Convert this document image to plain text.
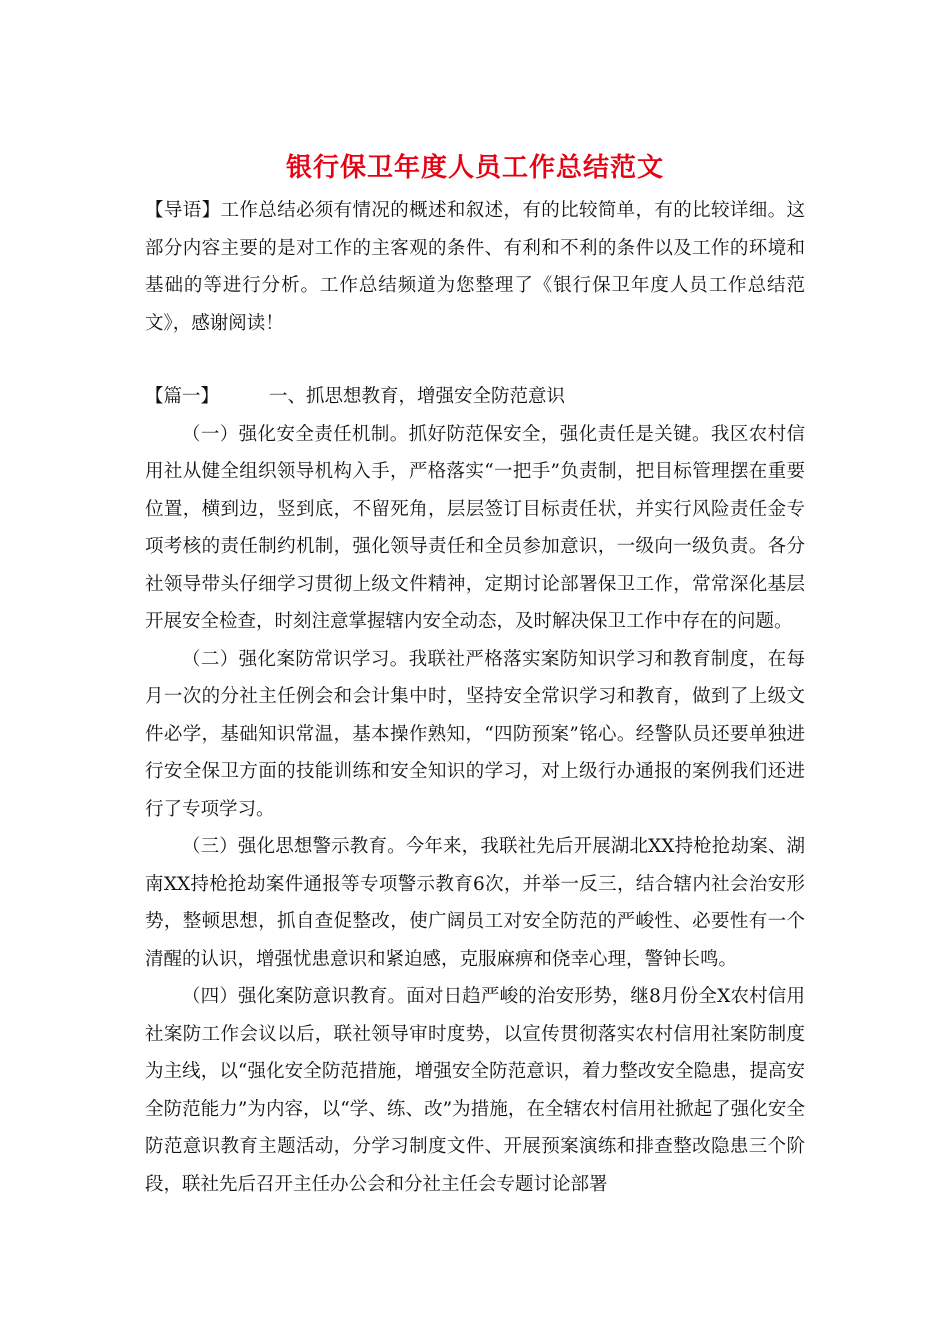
银行保卫年度人员工作总结范文

【导语】工作总结必须有情况的概述和叙述，有的比较简单，有的比较详细。这部分内容主要的是对工作的主客观的条件、有利和不利的条件以及工作的环境和基础的等进行分析。工作总结频道为您整理了《银行保卫年度人员工作总结范文》，感谢阅读！

【篇一】	一、抓思想教育，增强安全防范意识

（一）强化安全责任机制。抓好防范保安全，强化责任是关键。我区农村信用社从健全组织领导机构入手，严格落实“一把手”负责制，把目标管理摆在重要位置，横到边，竖到底，不留死角，层层签订目标责任状，并实行风险责任金专项考核的责任制约机制，强化领导责任和全员参加意识，一级向一级负责。各分社领导带头仔细学习贯彻上级文件精神，定期讨论部署保卫工作，常常深化基层开展安全检查，时刻注意掌握辖内安全动态，及时解决保卫工作中存在的问题。

（二）强化案防常识学习。我联社严格落实案防知识学习和教育制度，在每月一次的分社主任例会和会计集中时，坚持安全常识学习和教育，做到了上级文件必学，基础知识常温，基本操作熟知，“四防预案”铭心。经警队员还要单独进行安全保卫方面的技能训练和安全知识的学习，对上级行办通报的案例我们还进行了专项学习。

（三）强化思想警示教育。今年来，我联社先后开展湖北XX持枪抢劫案、湖南XX持枪抢劫案件通报等专项警示教育6次，并举一反三，结合辖内社会治安形势，整顿思想，抓自查促整改，使广阔员工对安全防范的严峻性、必要性有一个清醒的认识，增强忧患意识和紧迫感，克服麻痹和侥幸心理，警钟长鸣。

（四）强化案防意识教育。面对日趋严峻的治安形势，继8月份全X农村信用社案防工作会议以后，联社领导审时度势，以宣传贯彻落实农村信用社案防制度为主线，以“强化安全防范措施，增强安全防范意识，着力整改安全隐患，提高安全防范能力”为内容，以“学、练、改”为措施，在全辖农村信用社掀起了强化安全防范意识教育主题活动，分学习制度文件、开展预案演练和排查整改隐患三个阶段，联社先后召开主任办公会和分社主任会专题讨论部署
